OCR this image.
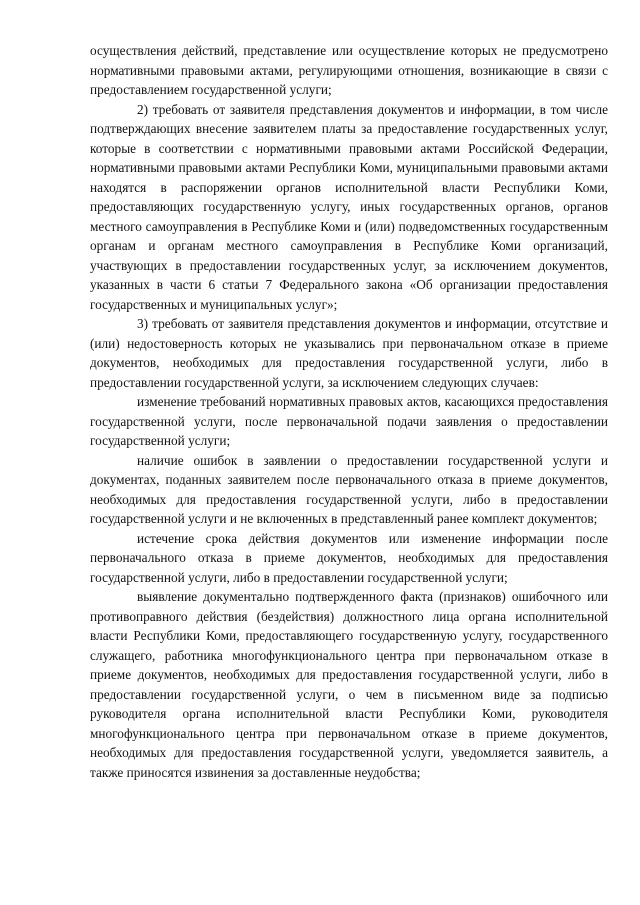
осуществления действий, представление или осуществление которых не предусмотрено нормативными правовыми актами, регулирующими отношения, возникающие в связи с предоставлением государственной услуги;

2) требовать от заявителя представления документов и информации, в том числе подтверждающих внесение заявителем платы за предоставление государственных услуг, которые в соответствии с нормативными правовыми актами Российской Федерации, нормативными правовыми актами Республики Коми, муниципальными правовыми актами находятся в распоряжении органов исполнительной власти Республики Коми, предоставляющих государственную услугу, иных государственных органов, органов местного самоуправления в Республике Коми и (или) подведомственных государственным органам и органам местного самоуправления в Республике Коми организаций, участвующих в предоставлении государственных услуг, за исключением документов, указанных в части 6 статьи 7 Федерального закона «Об организации предоставления государственных и муниципальных услуг»;

3) требовать от заявителя представления документов и информации, отсутствие и (или) недостоверность которых не указывались при первоначальном отказе в приеме документов, необходимых для предоставления государственной услуги, либо в предоставлении государственной услуги, за исключением следующих случаев:

изменение требований нормативных правовых актов, касающихся предоставления государственной услуги, после первоначальной подачи заявления о предоставлении государственной услуги;

наличие ошибок в заявлении о предоставлении государственной услуги и документах, поданных заявителем после первоначального отказа в приеме документов, необходимых для предоставления государственной услуги, либо в предоставлении государственной услуги и не включенных в представленный ранее комплект документов;

истечение срока действия документов или изменение информации после первоначального отказа в приеме документов, необходимых для предоставления государственной услуги, либо в предоставлении государственной услуги;

выявление документально подтвержденного факта (признаков) ошибочного или противоправного действия (бездействия) должностного лица органа исполнительной власти Республики Коми, предоставляющего государственную услугу, государственного служащего, работника многофункционального центра при первоначальном отказе в приеме документов, необходимых для предоставления государственной услуги, либо в предоставлении государственной услуги, о чем в письменном виде за подписью руководителя органа исполнительной власти Республики Коми, руководителя многофункционального центра при первоначальном отказе в приеме документов, необходимых для предоставления государственной услуги, уведомляется заявитель, а также приносятся извинения за доставленные неудобства;
